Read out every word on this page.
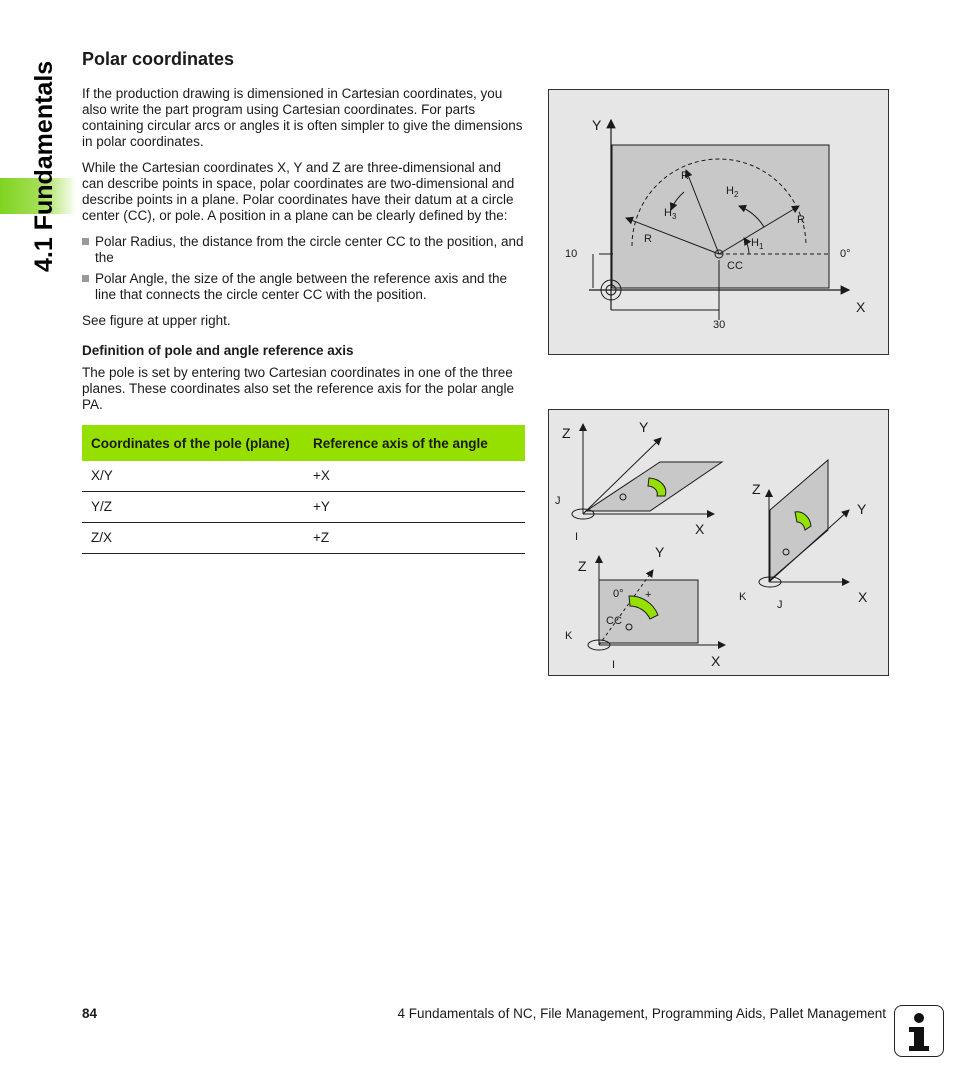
4.1 Fundamentals
Polar coordinates
If the production drawing is dimensioned in Cartesian coordinates, you also write the part program using Cartesian coordinates. For parts containing circular arcs or angles it is often simpler to give the dimensions in polar coordinates.
While the Cartesian coordinates X, Y and Z are three-dimensional and can describe points in space, polar coordinates are two-dimensional and describe points in a plane. Polar coordinates have their datum at a circle center (CC), or pole. A position in a plane can be clearly defined by the:
Polar Radius, the distance from the circle center CC to the position, and the
Polar Angle, the size of the angle between the reference axis and the line that connects the circle center CC with the position.
See figure at upper right.
Definition of pole and angle reference axis
The pole is set by entering two Cartesian coordinates in one of the three planes. These coordinates also set the reference axis for the polar angle PA.
Coordinates of the pole (plane)	Reference axis of the angle
X/Y	+X
Y/Z	+Y
Z/X	+Z
Y
X
R
R
R
$H_2$
$H_3$
$H_1$
CC
0°
10
30
Z	Y
X
J
I
Z
Y
X
K
J
Z
Y
X
0° +
CC
K
I
84	4 Fundamentals of NC, File Management, Programming Aids, Pallet Management
